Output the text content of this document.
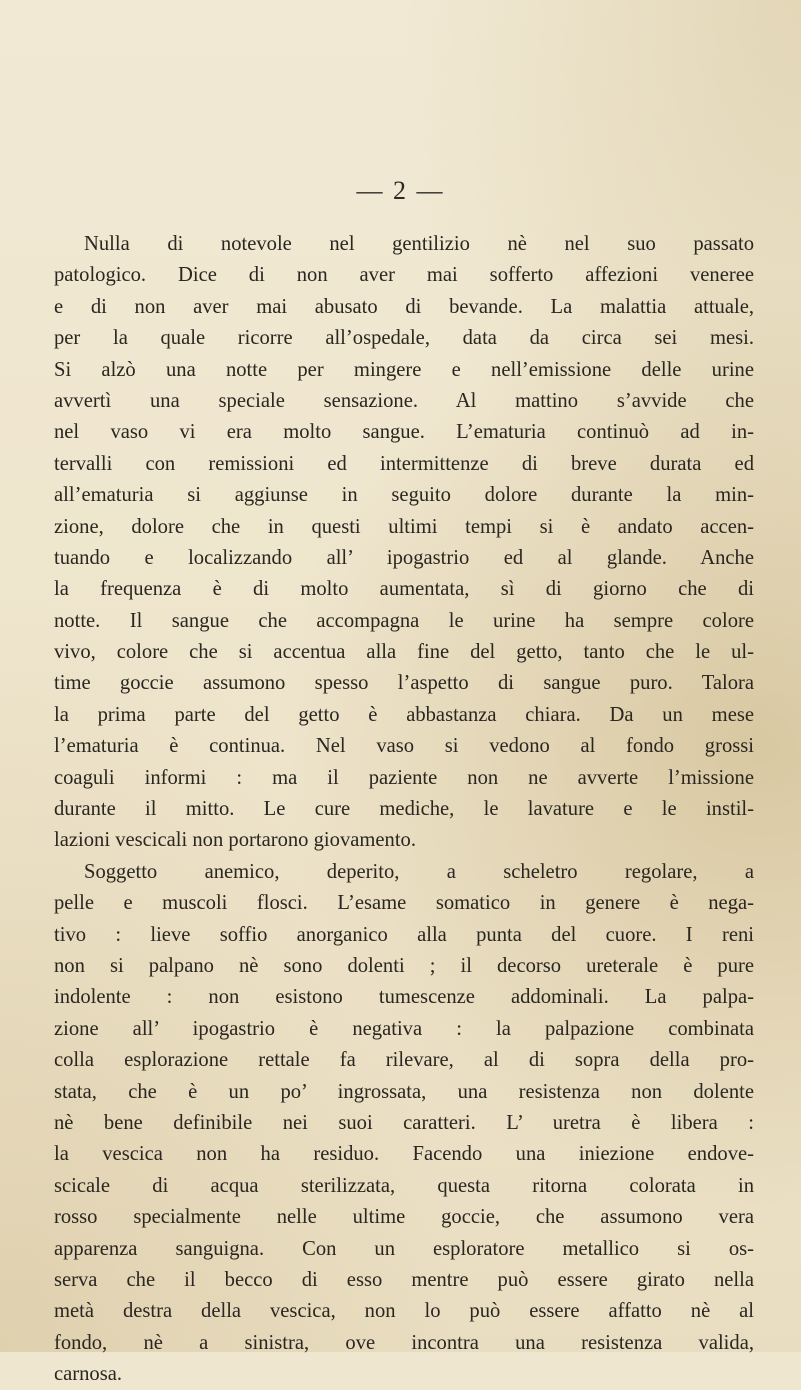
— 2 —
Nulla di notevole nel gentilizio nè nel suo passato
patologico. Dice di non aver mai sofferto affezioni veneree
e di non aver mai abusato di bevande. La malattia attuale,
per la quale ricorre all’ospedale, data da circa sei mesi.
Si alzò una notte per mingere e nell’emissione delle urine
avvertì una speciale sensazione. Al mattino s’avvide che
nel vaso vi era molto sangue. L’ematuria continuò ad in-
tervalli con remissioni ed intermittenze di breve durata ed
all’ematuria si aggiunse in seguito dolore durante la min-
zione, dolore che in questi ultimi tempi si è andato accen-
tuando e localizzando all’ ipogastrio ed al glande. Anche
la frequenza è di molto aumentata, sì di giorno che di
notte. Il sangue che accompagna le urine ha sempre colore
vivo, colore che si accentua alla fine del getto, tanto che le ul-
time goccie assumono spesso l’aspetto di sangue puro. Talora
la prima parte del getto è abbastanza chiara. Da un mese
l’ematuria è continua. Nel vaso si vedono al fondo grossi
coaguli informi : ma il paziente non ne avverte l’missione
durante il mitto. Le cure mediche, le lavature e le instil-
lazioni vescicali non portarono giovamento.
Soggetto anemico, deperito, a scheletro regolare, a
pelle e muscoli flosci. L’esame somatico in genere è nega-
tivo : lieve soffio anorganico alla punta del cuore. I reni
non si palpano nè sono dolenti ; il decorso ureterale è pure
indolente : non esistono tumescenze addominali. La palpa-
zione all’ ipogastrio è negativa : la palpazione combinata
colla esplorazione rettale fa rilevare, al di sopra della pro-
stata, che è un po’ ingrossata, una resistenza non dolente
nè bene definibile nei suoi caratteri. L’ uretra è libera :
la vescica non ha residuo. Facendo una iniezione endove-
scicale di acqua sterilizzata, questa ritorna colorata in
rosso specialmente nelle ultime goccie, che assumono vera
apparenza sanguigna. Con un esploratore metallico si os-
serva che il becco di esso mentre può essere girato nella
metà destra della vescica, non lo può essere affatto nè al
fondo, nè a sinistra, ove incontra una resistenza valida,
carnosa.
